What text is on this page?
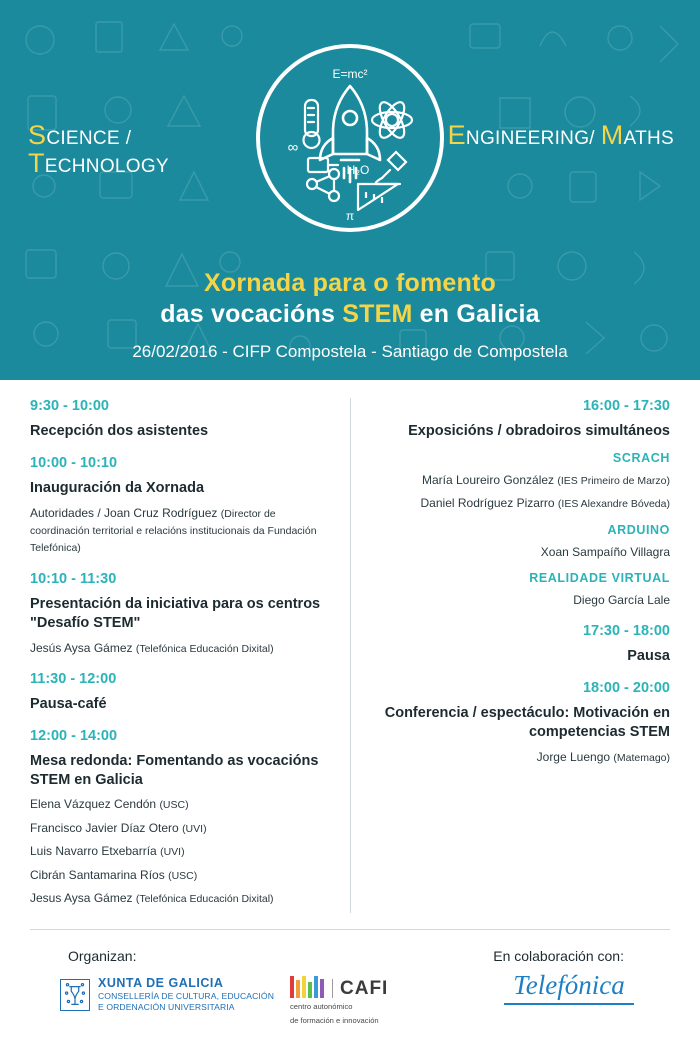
E=mc²
∞
H₂O
π
SCIENCE / TECHNOLOGY
ENGINEERING/ MATHS
Xornada para o fomento
das vocacións STEM en Galicia
26/02/2016 - CIFP Compostela - Santiago de Compostela
9:30 - 10:00
Recepción dos asistentes
10:00 - 10:10
Inauguración da Xornada
Autoridades / Joan Cruz Rodríguez (Director de coordinación territorial e relacións institucionais da Fundación Telefónica)
10:10 - 11:30
Presentación da iniciativa para os centros "Desafío STEM"
Jesús Aysa Gámez (Telefónica Educación Dixital)
11:30 - 12:00
Pausa-café
12:00 - 14:00
Mesa redonda: Fomentando as vocacións STEM en Galicia
Elena Vázquez Cendón (USC)
Francisco Javier Díaz Otero (UVI)
Luis Navarro Etxebarría (UVI)
Cibrán Santamarina Ríos (USC)
Jesus Aysa Gámez (Telefónica Educación Dixital)
16:00 - 17:30
Exposicións / obradoiros simultáneos
SCRACH
María Loureiro González (IES Primeiro de Marzo)
Daniel Rodríguez Pizarro (IES Alexandre Bóveda)
ARDUINO
Xoan Sampaíño Villagra
REALIDADE VIRTUAL
Diego García Lale
17:30 - 18:00
Pausa
18:00 - 20:00
Conferencia / espectáculo: Motivación en competencias STEM
Jorge Luengo (Matemago)
Organizan:	En colaboración con:
XUNTA DE GALICIA
CONSELLERÍA DE CULTURA, EDUCACIÓN
E ORDENACIÓN UNIVERSITARIA
CAFI
centro autonómico
de formación e innovación
Telefónica
